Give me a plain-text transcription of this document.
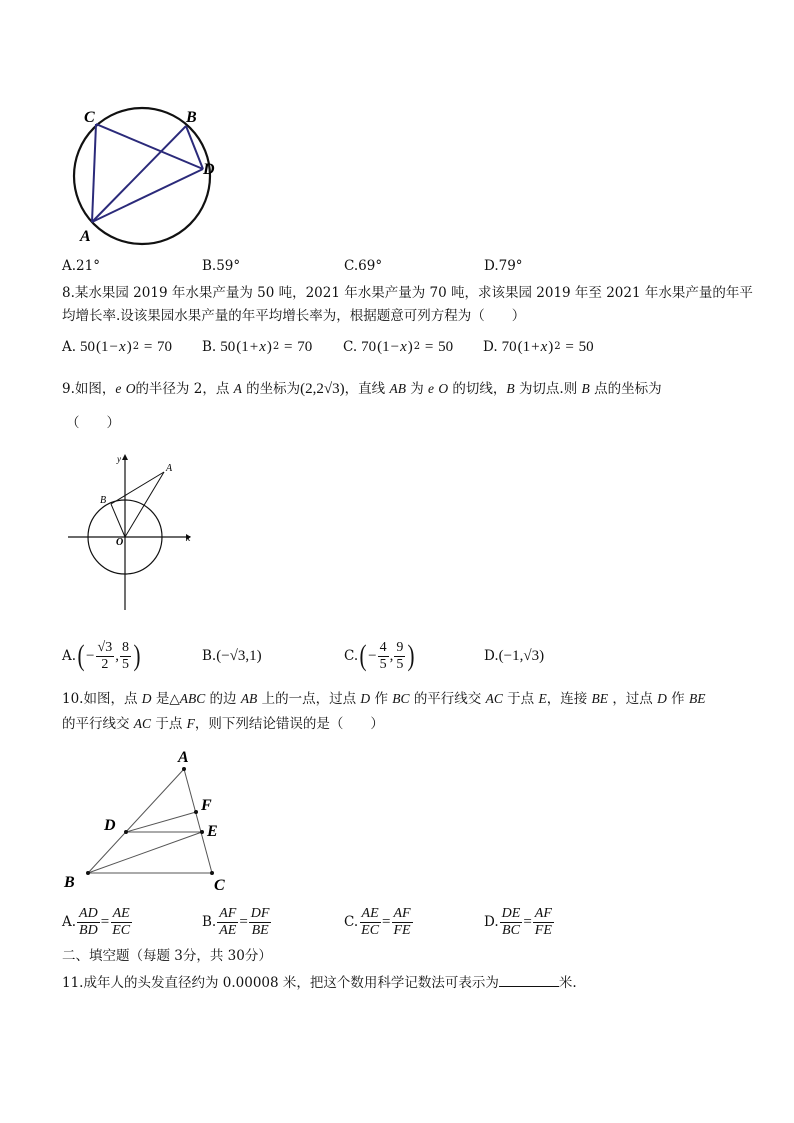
C	B
D
A
A.21°	B.59°	C.69°	D.79°
8.某水果园 2019 年水果产量为 50 吨，2021 年水果产量为 70 吨，求该果园 2019 年至 2021 年水果产量的年平
均增长率.设该果园水果产量的年平均增长率为，根据题意可列方程为（　　）
A. 50 (1 − x ) 2 = 70 B. 50 (1 + x ) 2 = 70 C. 70 (1 − x ) 2 = 50 D. 70 (1 + x ) 2 = 50
9.如图，e O的半径为 2，点 A 的坐标为(2,2√3)，直线 AB 为 e O 的切线，B 为切点.则 B 点的坐标为
（　　）
y
x
O
A
B
A. ( − $\frac{√3}{2}$ , $\frac{8}{5}$ )	B. ( −√3,1 )	C. ( − $\frac{4}{5}$ , $\frac{9}{5}$ )	D. ( −1,√3 )
10.如图，点 D 是△ABC 的边 AB 上的一点，过点 D 作 BC 的平行线交 AC 于点 E，连接 BE ，过点 D 作 BE
的平行线交 AC 于点 F，则下列结论错误的是（　　）
A
F
D	E
B	C
A. $\frac{AD}{BD} = \frac{AE}{EC}$	B. $\frac{AF}{AE} = \frac{DF}{BE}$	C. $\frac{AE}{EC} = \frac{AF}{FE}$	D. $\frac{DE}{BC} = \frac{AF}{FE}$
二、填空题（每题 3分，共 30分）
11.成年人的头发直径约为 0.00008 米，把这个数用科学记数法可表示为	米.
